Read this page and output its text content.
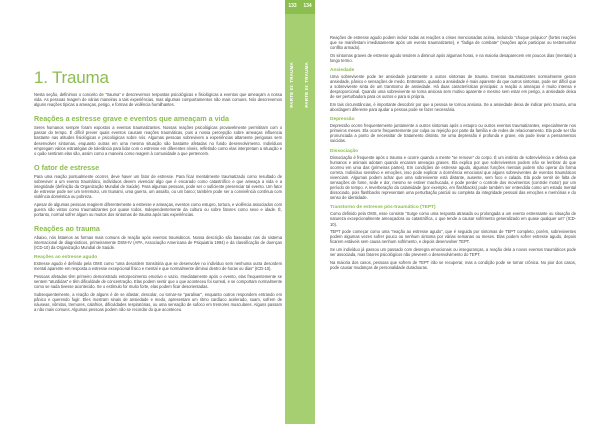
133
PARTE III: TRAUMA
1. Trauma

Nesta seção, definimos o conceito de “trauma” e descrevemos respostas psicológicas e fisiológicas a eventos que ameaçam a nossa vida. As pessoas reagem de várias maneiras a tais experiências, mas algumas comportamentos não mais comuns. Nós descrevemos alguns reações típicas a ameaças, perigo, e formas de violência humilhantes.

Reações a estresse grave e eventos que ameaçam a vida

Seres humanos sempre foram expostos a eventos traumatizantes. Nossas reações psicológicas provavelmente permitiram com o passar do tempo. É difícil prever quais eventos causam reações traumáticas, pois a nossa percepção sobre ameaças influencia bastante nas atitudes fisiológicas e psicológicas sobre nós. Algumas pessoas sobrevivem a experiências altamente perigosas sem desenvolver sintomas, enquanto outras em uma mesma situação são bastante afetadas no fundo desenvolvimento. Indivíduos empregam vários estratégias de tolerância para lidar com o estresse em diferentes níveis, refletindo como elas interpretam a situação e o quão sentiram elas são, assim como a maneira como reagem à comunidade a que pertencem.

O fator de estresse

Para uma reação pontualmente ocorrer, deve haver um fator de estresse. Para ficar mentalmente traumatizado como resultado de sobreviver a um evento traumático, indivíduos devem vivenciar algo que é encarado como catastrófico e que ameaça a vida e a integridade (definição da Organização Mundial de Saúde). Para algumas pessoas, pode ser o suficiente presenciar tal evento. Um fator de estresse pode ser um terremoto, um tsunami, uma guerra, um assalto, ou um barco; também pode ser a convivência contínua com violência doméstica ou pobreza.

Apesar de algumas pessoas reagirem diferentemente a estresse e ameaças, eventos como estupro, tortura, e violência associados com guerra são vistos como traumatizantes por quase todos. Independentemente da cultura ou sobre fatores como sexo e idade. É, portanto, normal sofrer algum ou muitos dos sintomas de trauma após tais experiências.

Reações ao trauma

Abaixo, nós listamos as formas mais comuns de reação após eventos traumáticos. Nossa descrição são baseadas nas do sistema internacional de diagnósticos, primeiramente DSM-IV (APA, Associação Americana de Psiquiatria 1994) e da classificação de doenças (ICD-10) da Organização Mundial de Saúde.

Reações ao estresse agudo

Estresse agudo é definido pela OMS como “uma desordem transitória que se desenvolve no indivíduo sem nenhuma outra desordem mental aparente em resposta a estresse excepcional físico e mental e que normalmente diminui dentro de horas ou dias” (ICD-10).

Pessoas afetadas têm primeiro demonstrado entorpecimento emotivo e vazio. Imediatamente após o evento, elas frequentemente se sentem “aturdidas” e têm dificuldade de concentração. Elas podem sentir que o que aconteceu foi surreal, e se comportam normalmente como se nada tivesse acontecido. Se o estímulo for muito forte, elas podem ficar desorientadas.

Subsequentemente, a reação de alguns é de se afastar, descolar, ou tornar-se “paralisar”, enquanto outros respondem entrando em pânico e querendo fugir. Eles mostram sinais de ansiedade e medo, apresentam um ritmo cardíaco acelerado, suam, sofrem de náuseas, vômitos, tremores, calafrios, dificuldades respiratórias, ou uma sensação de sufoco em tremores musculares. Alguns passam a não mais comuns. Algumas pessoas podem não se recordar do que aconteceu.

134
PARTE III: TRAUMA

Reações de estresse agudo podem incluir todas as reações a crises mencionadas acima, incluindo “choque psíquico” (fortes reações que se manifestam imediatamente após um evento traumatizante), e “fadiga de combate” (reações após participar ou testemunhar conflito armado).

Os sintomas graves de estresse agudo tendem a diminuir após algumas horas, e na maioria desaparecem em poucos dias (mentais) a longo termo.

Ansiedade

Uma sobrevivente pode ter ansiedade juntamente a outros sintomas de trauma. Eventos traumatizantes normalmente geram ansiedade, pânico e sensações de medo. Entretanto, quando a ansiedade é mais aparente do que outros sintomas, pode ser difícil que a sobrevivente sinta de um transtorno de ansiedade. Há duas características principais: a reação a ameaças é muito intensa e desproporcional. Quando uma sobrevivente se torna ansiosa sem motivo aparente e mesmo sem estar em perigo, a ansiedade deixa de ser perturbadora para os outros e para si própria.

Em tais circunstâncias, é importante descobrir por que a pessoa se tornou ansiosa. Se a ansiedade deixa de indicar pelo trauma, uma abordagem diferente para ajudar a pessoa pode se fazer necessária.

Depressão

Depressão ocorre frequentemente juntamente a outros sintomas após o estupro ou outros eventos traumatizantes, especialmente nos primeiros meses. Ela ocorre frequentemente por culpa ou rejeição por parte da família e de redes de relacionamento. Ela pode ser tão pronunciada a ponto de necessitar de tratamento distinto. Se uma depressão é profunda e grave, ela pode levar a pensamentos suicidas.

Dissociação

Dissociação é frequente após o trauma e ocorre quando a mente “se remove” do corpo. É um instinto de sobrevivência e defesa que humanos e animais adotam quando encaram ameaças graves. Ela explica por que sobreviventes podem não se lembrar do que ocorreu em uma das (primeiras partes). Em condições de estresse agudo, algumas funções mentais podem não operar da forma correta. Indivíduo sensitivo e emoções, isso pode explicar a dormência emocional que alguns sobreviventes de eventos traumáticos vivenciam. Algumas podem achar que uma sobrevivente está distante, ausente, sem foco e calada. Ela pode sentir de falta de sensações de fome, sede e dor, mesmo se estiver machucada, e pode perder o controle dos movimentos (controle motor) por um período de tempo. A reverberação da calamidade (por exemplo, em flashbacks) pode também ser entendida como um estado mental dissociado, pois flashbacks representam uma perturbação parcial ou completa da integridade pessoal das emoções e memórias e do senso de identidade.

Transtorno de estresse pós-traumático (TEPT)

Como definido pela OMS, esse consiste “Surge como uma resposta atrasada ou prolongada a um evento estressante ou situação de natureza excepcionalmente ameaçadora ou catastrófica, o que tende a causar sofrimento generalizado em quase qualquer um” (ICD-10).

TEPT pode começar como uma “reação ao estresse agudo”, que é seguida por sintomas de TEPT completo, porém, sobreviventes podem algumas vezes sofrer pouco ou nenhum sintoma por várias semanas ou meses. Elas podem sofrer estresse agudo, depois ficarem estáveis sem causa nenhum sofrimento, e depois desenvolver TEPT.

Se um indivíduo já passou um passado com desregra emocionais ou inseguranças, a reação dela a novos eventos traumáticos pode ser associada, mas fatores psicológicos não preveem o desenvolvimento do TEPT.

Na maioria dos casos, pessoas que sofrem de TEPT irão se recuperar, mas a condição pode se tornar crônica. No pior dos casos, pode causar mudanças de personalidade duradouras.
